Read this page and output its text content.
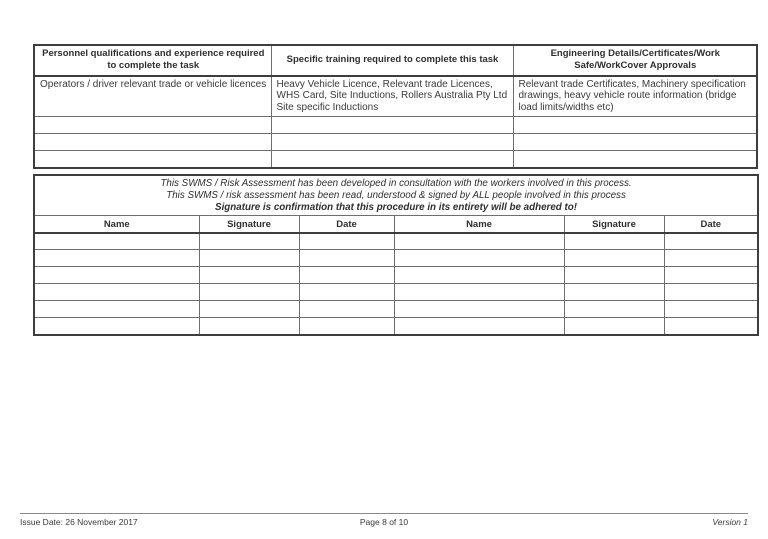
Personnel qualifications and experience required to complete the task	Specific training required to complete this task	Engineering Details/Certificates/Work Safe/WorkCover Approvals
Operators / driver relevant trade or vehicle licences	Heavy Vehicle Licence, Relevant trade Licences, WHS Card, Site Inductions, Rollers Australia Pty Ltd Site specific Inductions	Relevant trade Certificates, Machinery specification drawings, heavy vehicle route information (bridge load limits/widths etc)

This SWMS / Risk Assessment has been developed in consultation with the workers involved in this process.
This SWMS / risk assessment has been read, understood & signed by ALL people involved in this process
Signature is confirmation that this procedure in its entirety will be adhered to!					

Name	Signature	Date	Name	Signature	Date

Page 8 of 10
Issue Date: 26 November 2017	Version 1
